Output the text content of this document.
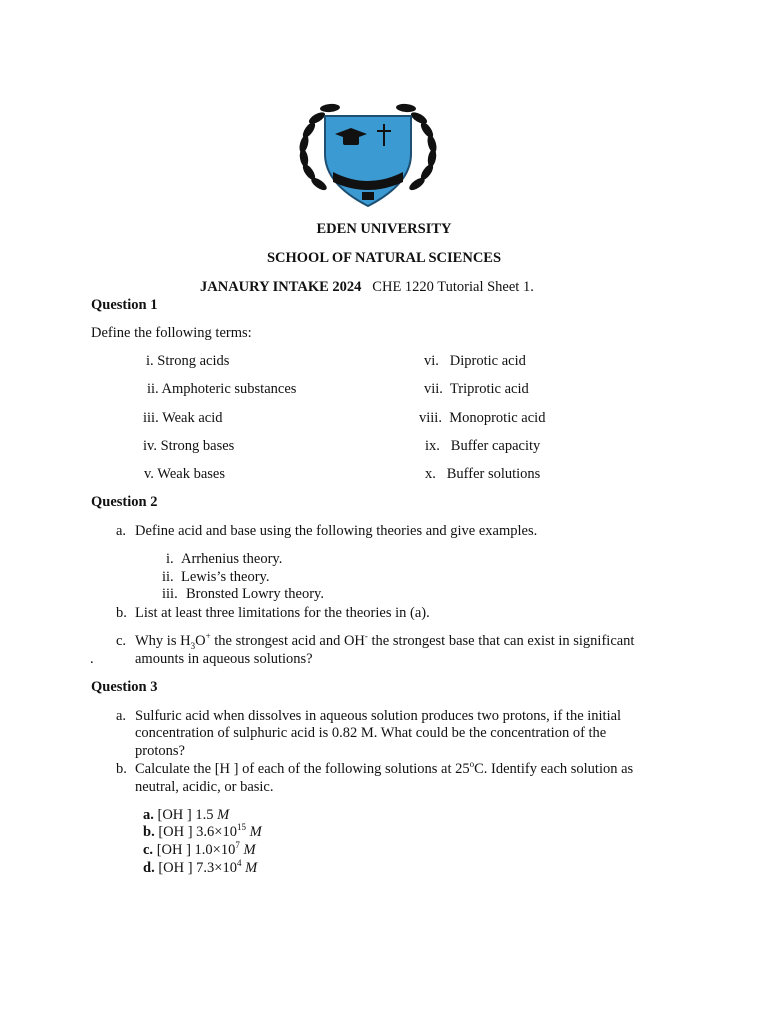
EDEN UNIVERSITY
SCHOOL OF NATURAL SCIENCES
JANAURY INTAKE 2024 CHE 1220 Tutorial Sheet 1.
Question 1
Define the following terms:
i. Strong acids
ii. Amphoteric substances
iii. Weak acid
iv. Strong bases
v. Weak bases
vi.   Diprotic acid
vii.  Triprotic acid
viii.  Monoprotic acid
ix.   Buffer capacity
x.   Buffer solutions
Question 2
a. Define acid and base using the following theories and give examples.
i. Arrhenius theory.
ii. Lewis’s theory.
iii. Bronsted Lowry theory.
b. List at least three limitations for the theories in (a).
c. Why is $H_3O^+$ the strongest acid and OH- the strongest base that can exist in significant
.	amounts in aqueous solutions?
Question 3
a. Sulfuric acid when dissolves in aqueous solution produces two protons, if the initial
concentration of sulphuric acid is 0.82 M. What could be the concentration of the
protons?
b. Calculate the [H ] of each of the following solutions at 25$^o$C. Identify each solution as
neutral, acidic, or basic.
a. [OH ] 1.5 M
b. [OH ] $3.6\times 10^{15}$ M
c. [OH ] $1.0\times 10^7$ M
d. [OH ] $7.3\times 10^4$ M
